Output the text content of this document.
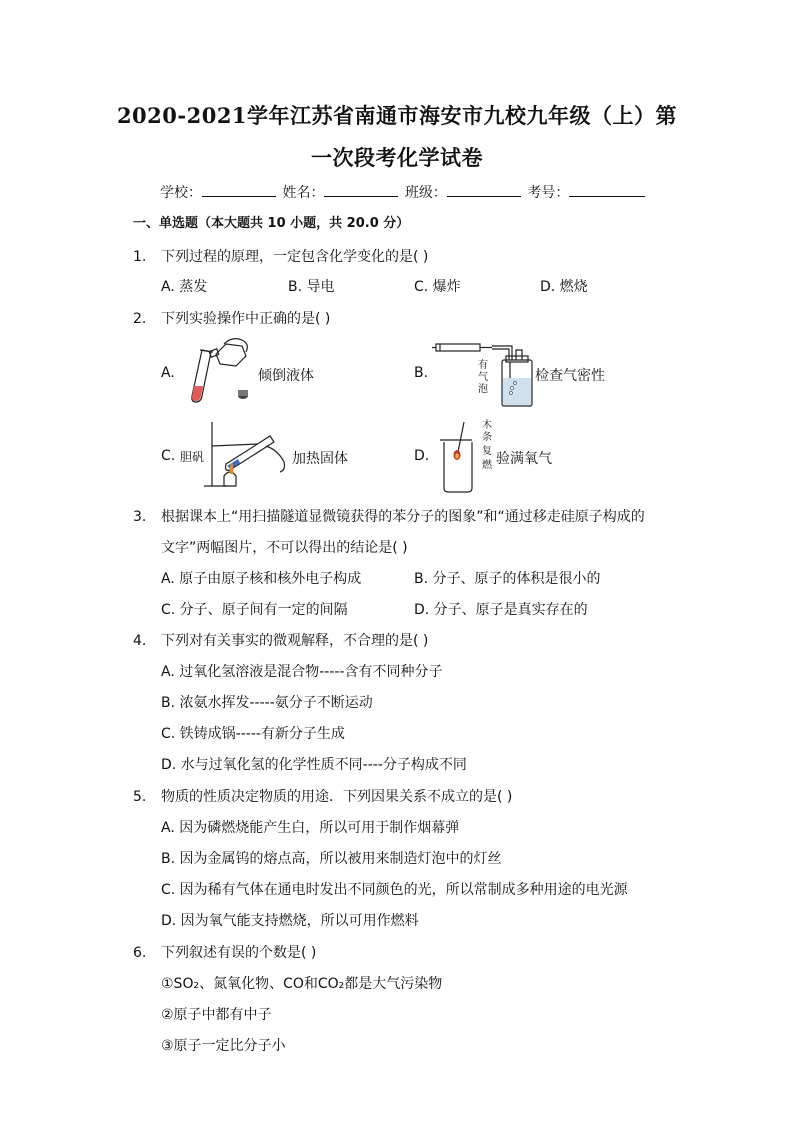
2020-2021学年江苏省南通市海安市九校九年级（上）第
一次段考化学试卷
学校：	姓名：	班级：	考号：
一、单选题（本大题共 10 小题，共 20.0 分）
1. 下列过程的原理，一定包含化学变化的是( )
A. 蒸发	B. 导电	C. 爆炸	D. 燃烧
2. 下列实验操作中正确的是( )
A.	倾倒液体	B.	有
气
泡
检查气密性
C. 胆矾	加热固体	D.
木
条
复
燃 验满氧气
3. 根据课本上“用扫描隧道显微镜获得的苯分子的图象”和“通过移走硅原子构成的
文字”两幅图片，不可以得出的结论是( )
A. 原子由原子核和核外电子构成	B. 分子、原子的体积是很小的
C. 分子、原子间有一定的间隔	D. 分子、原子是真实存在的
4. 下列对有关事实的微观解释，不合理的是( )
A. 过氧化氢溶液是混合物-----含有不同种分子
B. 浓氨水挥发-----氨分子不断运动
C. 铁铸成锅-----有新分子生成
D. 水与过氧化氢的化学性质不同----分子构成不同
5. 物质的性质决定物质的用途．下列因果关系不成立的是( )
A. 因为磷燃烧能产生白，所以可用于制作烟幕弹
B. 因为金属钨的熔点高，所以被用来制造灯泡中的灯丝
C. 因为稀有气体在通电时发出不同颜色的光，所以常制成多种用途的电光源
D. 因为氧气能支持燃烧，所以可用作燃料
6. 下列叙述有误的个数是( )
①SO₂、氮氧化物、CO和CO₂都是大气污染物
②原子中都有中子
③原子一定比分子小
